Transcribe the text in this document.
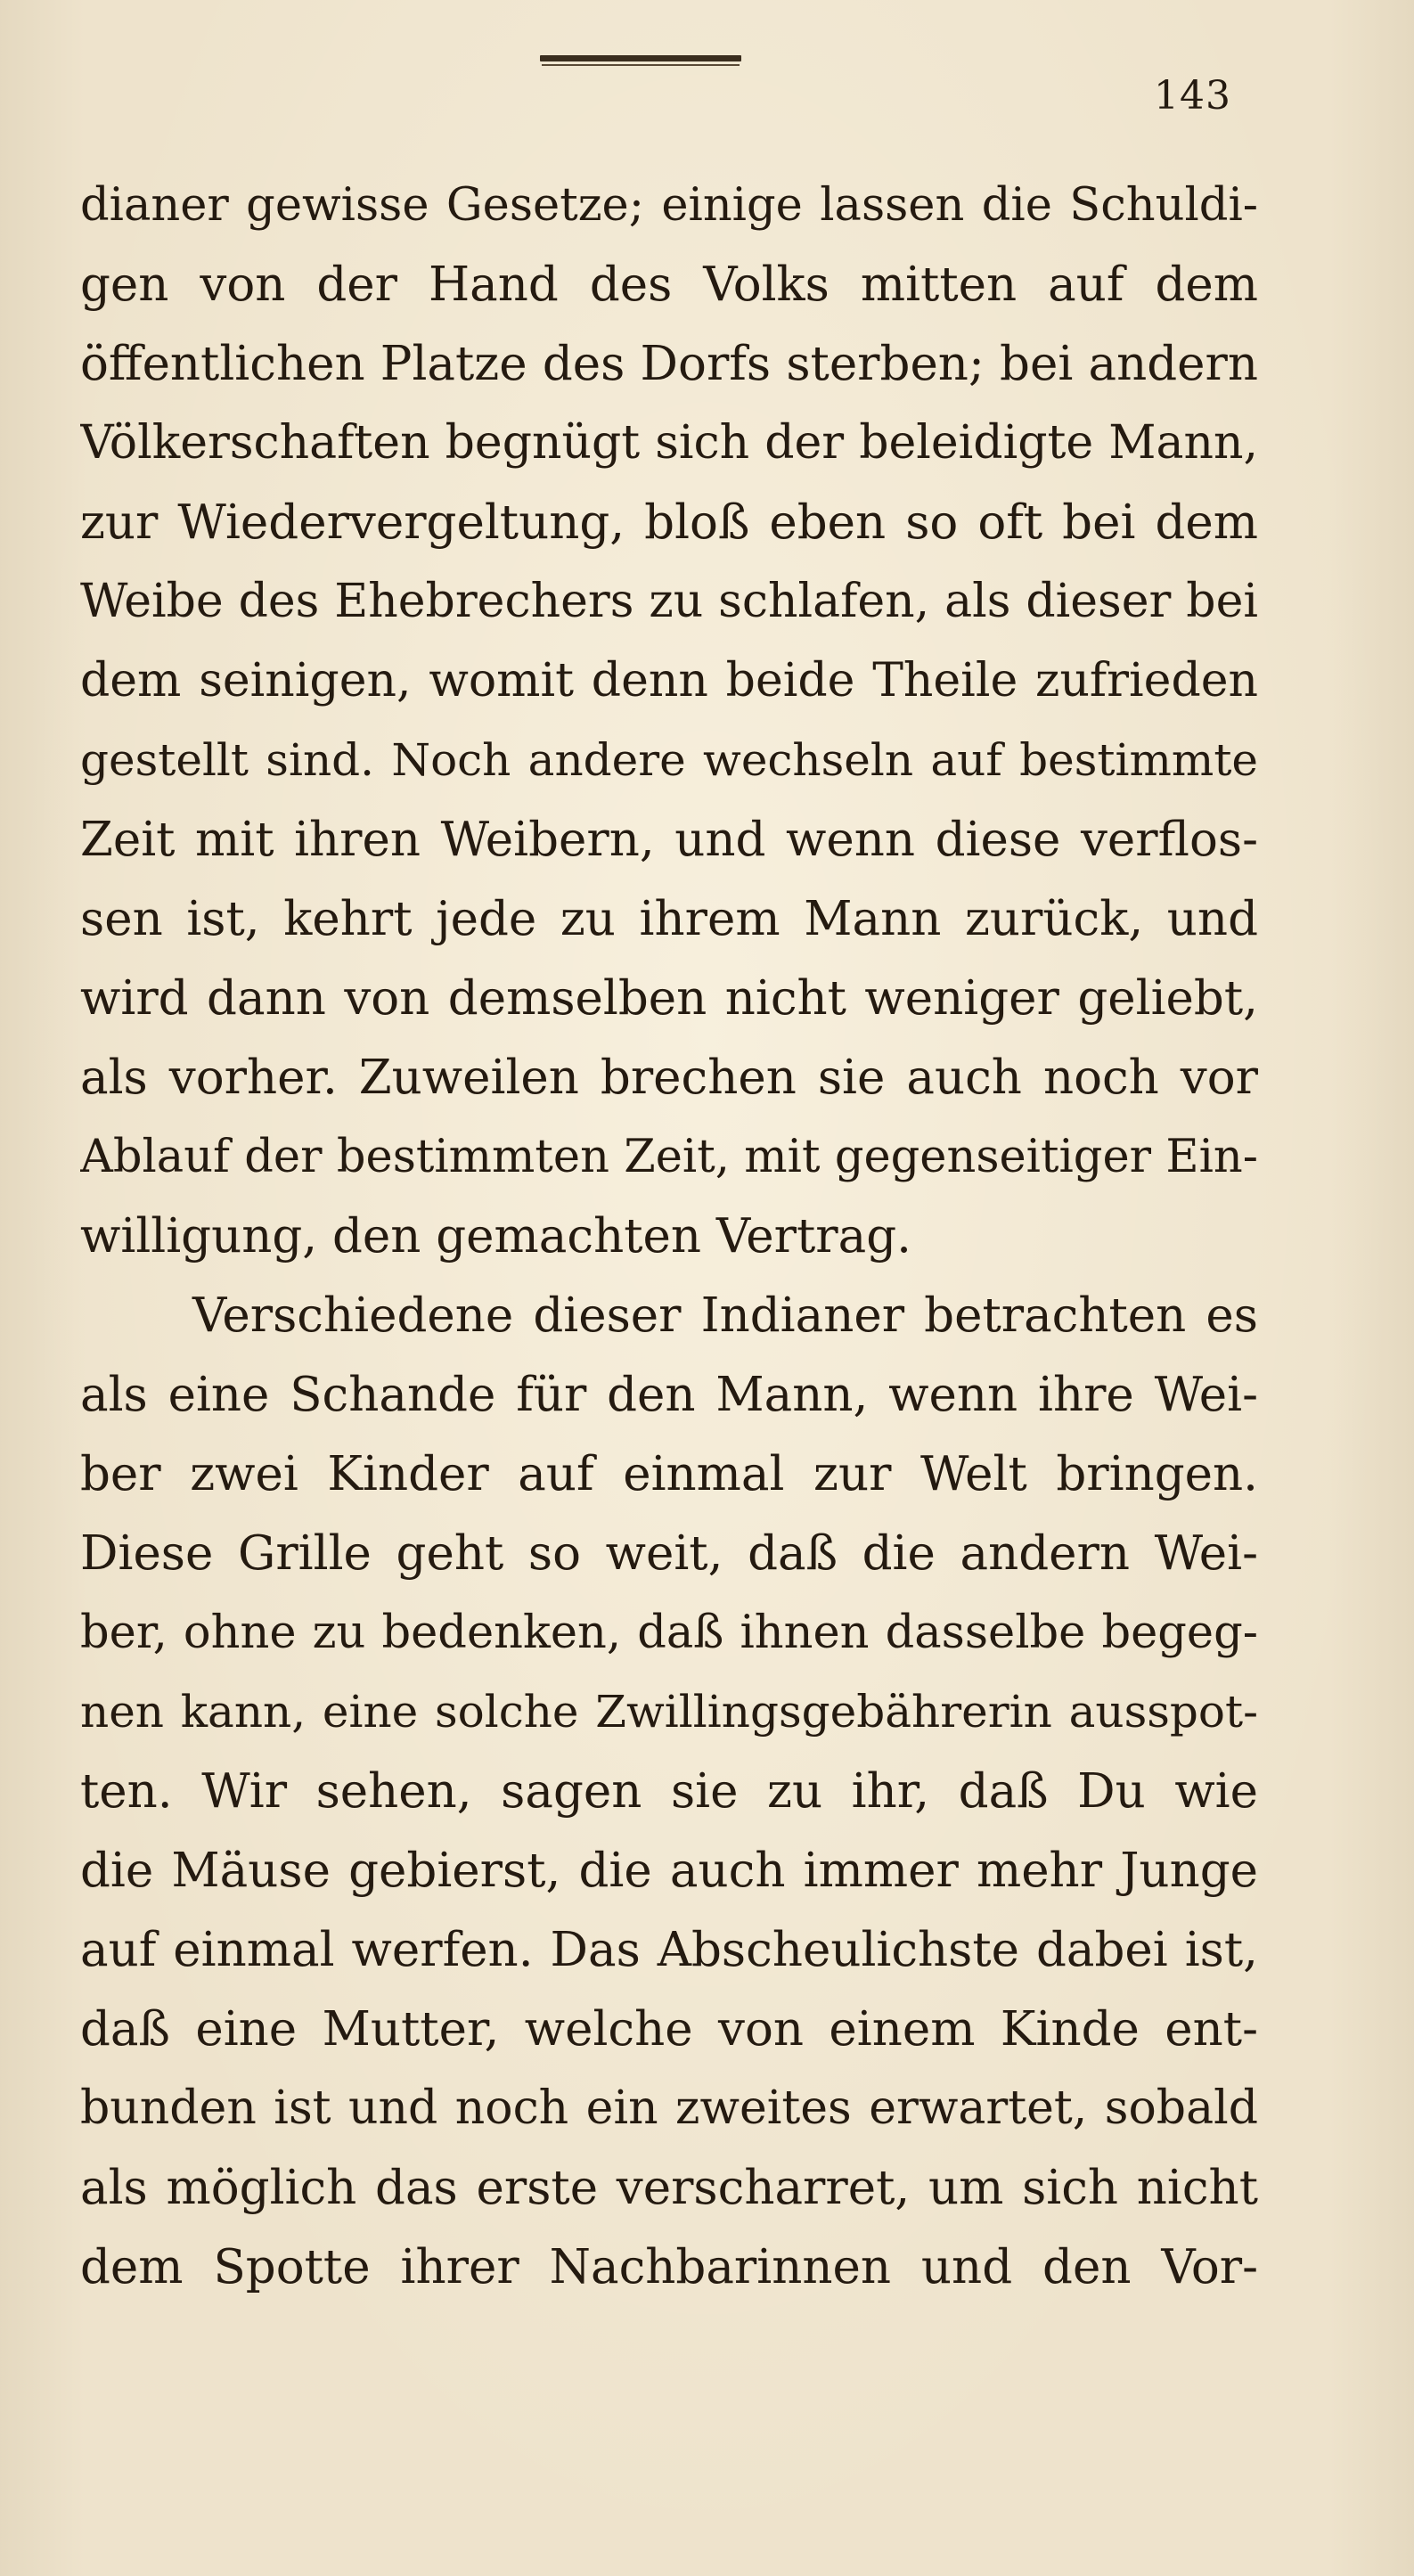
143
dianer gewisse Gesetze; einige lassen die Schuldi-
gen von der Hand des Volks mitten auf dem
öffentlichen Platze des Dorfs sterben; bei andern
Völkerschaften begnügt sich der beleidigte Mann,
zur Wiedervergeltung, bloß eben so oft bei dem
Weibe des Ehebrechers zu schlafen, als dieser bei
dem seinigen, womit denn beide Theile zufrieden
gestellt sind. Noch andere wechseln auf bestimmte
Zeit mit ihren Weibern, und wenn diese verflos-
sen ist, kehrt jede zu ihrem Mann zurück, und
wird dann von demselben nicht weniger geliebt,
als vorher. Zuweilen brechen sie auch noch vor
Ablauf der bestimmten Zeit, mit gegenseitiger Ein-
willigung, den gemachten Vertrag.
Verschiedene dieser Indianer betrachten es
als eine Schande für den Mann, wenn ihre Wei-
ber zwei Kinder auf einmal zur Welt bringen.
Diese Grille geht so weit, daß die andern Wei-
ber, ohne zu bedenken, daß ihnen dasselbe begeg-
nen kann, eine solche Zwillingsgebährerin ausspot-
ten. Wir sehen, sagen sie zu ihr, daß Du wie
die Mäuse gebierst, die auch immer mehr Junge
auf einmal werfen. Das Abscheulichste dabei ist,
daß eine Mutter, welche von einem Kinde ent-
bunden ist und noch ein zweites erwartet, sobald
als möglich das erste verscharret, um sich nicht
dem Spotte ihrer Nachbarinnen und den Vor-
